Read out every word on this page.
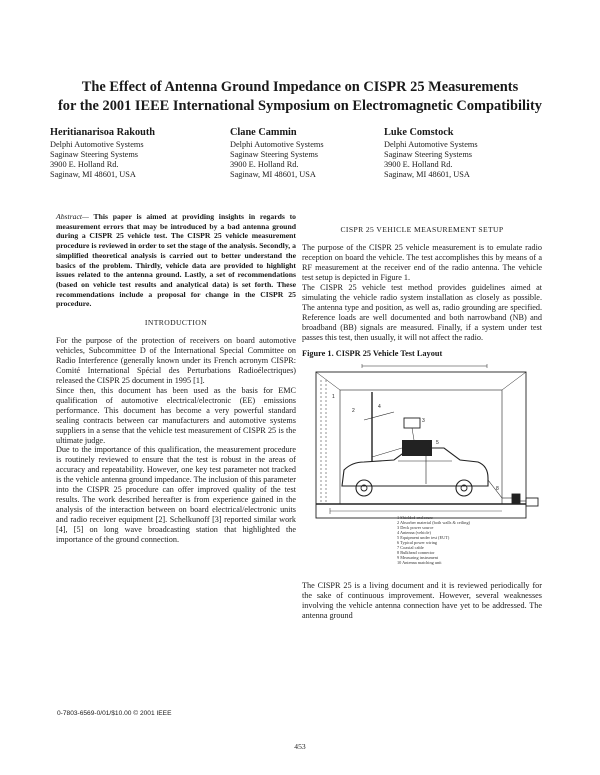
The Effect of Antenna Ground Impedance on CISPR 25 Measurements
for the 2001 IEEE International Symposium on Electromagnetic Compatibility
Heritianarisoa Rakouth
Delphi Automotive Systems
Saginaw Steering Systems
3900 E. Holland Rd.
Saginaw, MI 48601, USA
Clane Cammin
Delphi Automotive Systems
Saginaw Steering Systems
3900 E. Holland Rd.
Saginaw, MI 48601, USA
Luke Comstock
Delphi Automotive Systems
Saginaw Steering Systems
3900 E. Holland Rd.
Saginaw, MI 48601, USA

Abstract— This paper is aimed at providing insights in regards to measurement errors that may be introduced by a bad antenna ground during a CISPR 25 vehicle test. The CISPR 25 vehicle measurement procedure is reviewed in order to set the stage of the analysis. Secondly, a simplified theoretical analysis is carried out to better understand the basics of the problem. Thirdly, vehicle data are provided to highlight issues related to the antenna ground. Lastly, a set of recommendations (based on vehicle test results and analytical data) is set forth. These recommendations include a proposal for change in the CISPR 25 procedure.

INTRODUCTION

For the purpose of the protection of receivers on board automotive vehicles, Subcommittee D of the International Special Committee on Radio Interference (generally known under its French acronym CISPR: Comité International Spécial des Perturbations Radioélectriques) released the CISPR 25 document in 1995 [1].

Since then, this document has been used as the basis for EMC qualification of automotive electrical/electronic (EE) emissions performance. This document has become a very powerful standard sealing contracts between car manufacturers and automotive systems suppliers in a sense that the vehicle test measurement of CISPR 25 is the ultimate judge.

Due to the importance of this qualification, the measurement procedure is routinely reviewed to ensure that the test is robust in the areas of accuracy and repeatability. However, one key test parameter not tracked is the vehicle antenna ground impedance. The inclusion of this parameter into the CISPR 25 procedure can offer improved quality of the test results. The work described hereafter is from experience gained in the analysis of the interaction between on board electrical/electronic units and radio receiver equipment [2]. Schelkunoff [3] reported similar work [4], [5] on long wave broadcasting station that highlighted the importance of the ground connection.

CISPR 25 VEHICLE MEASUREMENT SETUP

The purpose of the CISPR 25 vehicle measurement is to emulate radio reception on board the vehicle. The test accomplishes this by means of a RF measurement at the receiver end of the radio antenna. The vehicle test setup is depicted in Figure 1.

The CISPR 25 vehicle test method provides guidelines aimed at simulating the vehicle radio system installation as closely as possible. The antenna type and position, as well as, radio grounding are specified. Reference loads are well documented and both narrowband (NB) and broadband (BB) signals are measured. Finally, if a system under test passes this test, then usually, it will not affect the radio.

Figure 1. CISPR 25 Vehicle Test Layout
1
2
4
3
5
8
1 Shielded enclosure
2 Absorber material (both walls & ceiling)
3 Deck power source
4 Antenna (vehicle)
5 Equipment under test (EUT)
6 Typical power wiring
7 Coaxial cable
8 Bulkhead connector
9 Measuring instrument
10 Antenna matching unit

The CISPR 25 is a living document and it is reviewed periodically for the sake of continuous improvement. However, several weaknesses involving the vehicle antenna connection have yet to be addressed. The antenna ground

0-7803-6569-0/01/$10.00 © 2001 IEEE
453
